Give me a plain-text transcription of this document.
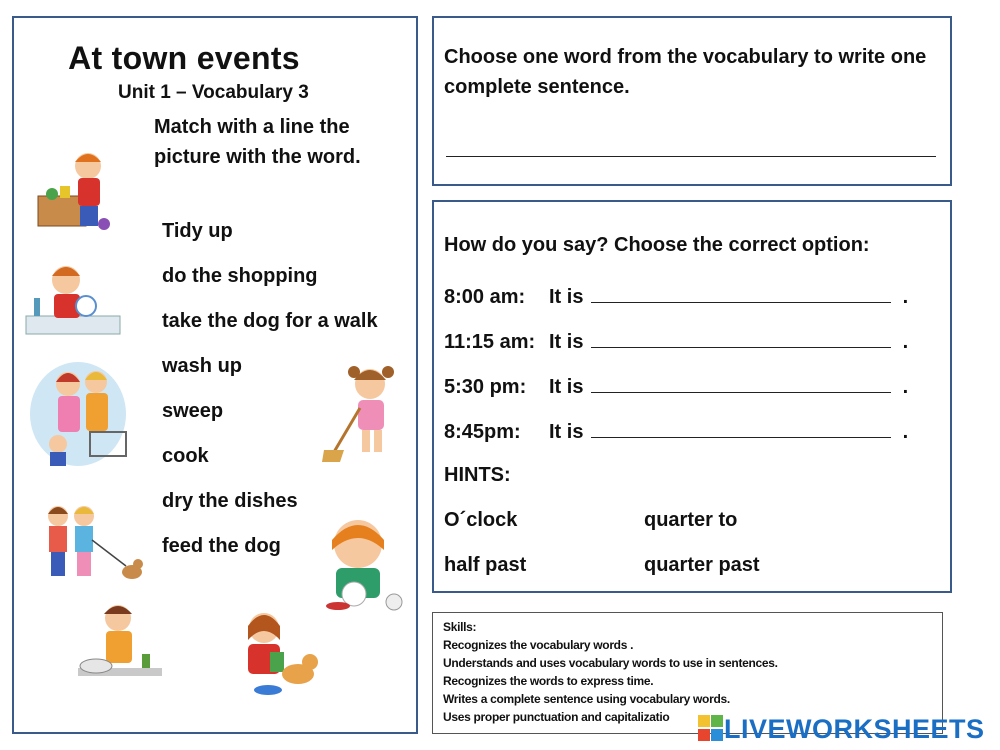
At town events
Unit 1 – Vocabulary 3
Match with a line the picture with the word.
Tidy up
do the shopping
take the dog for a walk
wash up
sweep
cook
dry the dishes
feed the dog
Choose one word from the vocabulary to write one complete sentence.
How do you say? Choose the correct option:
8:00 am: It is	.
11:15 am: It is	.
5:30 pm: It is	.
8:45pm: It is	.
HINTS:
O´clock	quarter to
half past	quarter past
Skills:
Recognizes the vocabulary words .
Understands and uses vocabulary words to use in sentences.
Recognizes the words to express time.
Writes a complete sentence using vocabulary words.
Uses proper punctuation and capitalizatio LIVEWORKSHEETS
